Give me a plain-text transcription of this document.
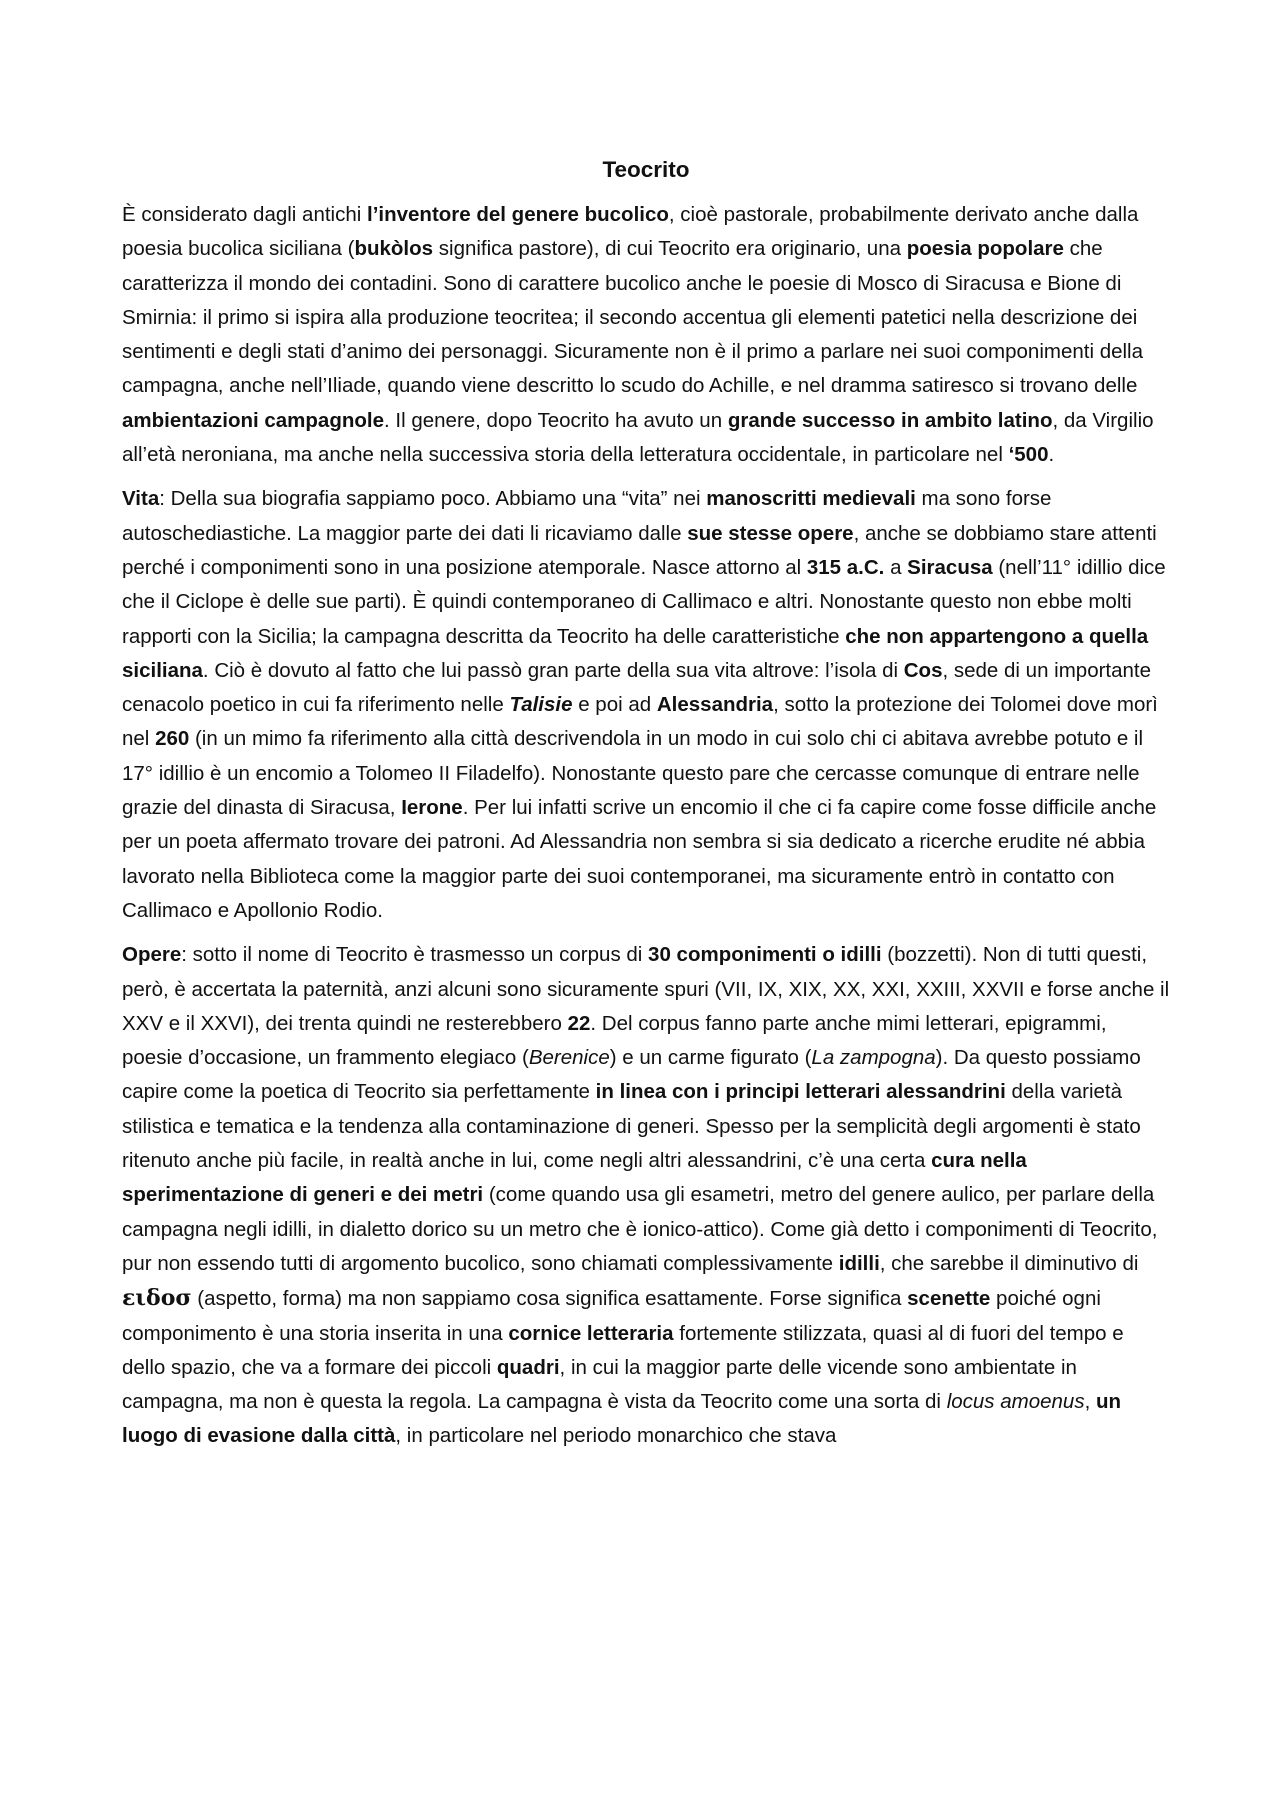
Teocrito

È considerato dagli antichi l’inventore del genere bucolico, cioè pastorale, probabilmente derivato anche dalla poesia bucolica siciliana (bukòlos significa pastore), di cui Teocrito era originario, una poesia popolare che caratterizza il mondo dei contadini. Sono di carattere bucolico anche le poesie di Mosco di Siracusa e Bione di Smirnia: il primo si ispira alla produzione teocritea; il secondo accentua gli elementi patetici nella descrizione dei sentimenti e degli stati d’animo dei personaggi. Sicuramente non è il primo a parlare nei suoi componimenti della campagna, anche nell’Iliade, quando viene descritto lo scudo do Achille, e nel dramma satiresco si trovano delle ambientazioni campagnole. Il genere, dopo Teocrito ha avuto un grande successo in ambito latino, da Virgilio all’età neroniana, ma anche nella successiva storia della letteratura occidentale, in particolare nel ‘500.

Vita: Della sua biografia sappiamo poco. Abbiamo una “vita” nei manoscritti medievali ma sono forse autoschediastiche. La maggior parte dei dati li ricaviamo dalle sue stesse opere, anche se dobbiamo stare attenti perché i componimenti sono in una posizione atemporale. Nasce attorno al 315 a.C. a Siracusa (nell’11° idillio dice che il Ciclope è delle sue parti). È quindi contemporaneo di Callimaco e altri. Nonostante questo non ebbe molti rapporti con la Sicilia; la campagna descritta da Teocrito ha delle caratteristiche che non appartengono a quella siciliana. Ciò è dovuto al fatto che lui passò gran parte della sua vita altrove: l’isola di Cos, sede di un importante cenacolo poetico in cui fa riferimento nelle Talisie e poi ad Alessandria, sotto la protezione dei Tolomei dove morì nel 260 (in un mimo fa riferimento alla città descrivendola in un modo in cui solo chi ci abitava avrebbe potuto e il 17° idillio è un encomio a Tolomeo II Filadelfo). Nonostante questo pare che cercasse comunque di entrare nelle grazie del dinasta di Siracusa, Ierone. Per lui infatti scrive un encomio il che ci fa capire come fosse difficile anche per un poeta affermato trovare dei patroni. Ad Alessandria non sembra si sia dedicato a ricerche erudite né abbia lavorato nella Biblioteca come la maggior parte dei suoi contemporanei, ma sicuramente entrò in contatto con Callimaco e Apollonio Rodio.

Opere: sotto il nome di Teocrito è trasmesso un corpus di 30 componimenti o idilli (bozzetti). Non di tutti questi, però, è accertata la paternità, anzi alcuni sono sicuramente spuri (VII, IX, XIX, XX, XXI, XXIII, XXVII e forse anche il XXV e il XXVI), dei trenta quindi ne resterebbero 22. Del corpus fanno parte anche mimi letterari, epigrammi, poesie d’occasione, un frammento elegiaco (Berenice) e un carme figurato (La zampogna). Da questo possiamo capire come la poetica di Teocrito sia perfettamente in linea con i principi letterari alessandrini della varietà stilistica e tematica e la tendenza alla contaminazione di generi. Spesso per la semplicità degli argomenti è stato ritenuto anche più facile, in realtà anche in lui, come negli altri alessandrini, c’è una certa cura nella sperimentazione di generi e dei metri (come quando usa gli esametri, metro del genere aulico, per parlare della campagna negli idilli, in dialetto dorico su un metro che è ionico-attico). Come già detto i componimenti di Teocrito, pur non essendo tutti di argomento bucolico, sono chiamati complessivamente idilli, che sarebbe il diminutivo di ειδοσ (aspetto, forma) ma non sappiamo cosa significa esattamente. Forse significa scenette poiché ogni componimento è una storia inserita in una cornice letteraria fortemente stilizzata, quasi al di fuori del tempo e dello spazio, che va a formare dei piccoli quadri, in cui la maggior parte delle vicende sono ambientate in campagna, ma non è questa la regola. La campagna è vista da Teocrito come una sorta di locus amoenus, un luogo di evasione dalla città, in particolare nel periodo monarchico che stava
